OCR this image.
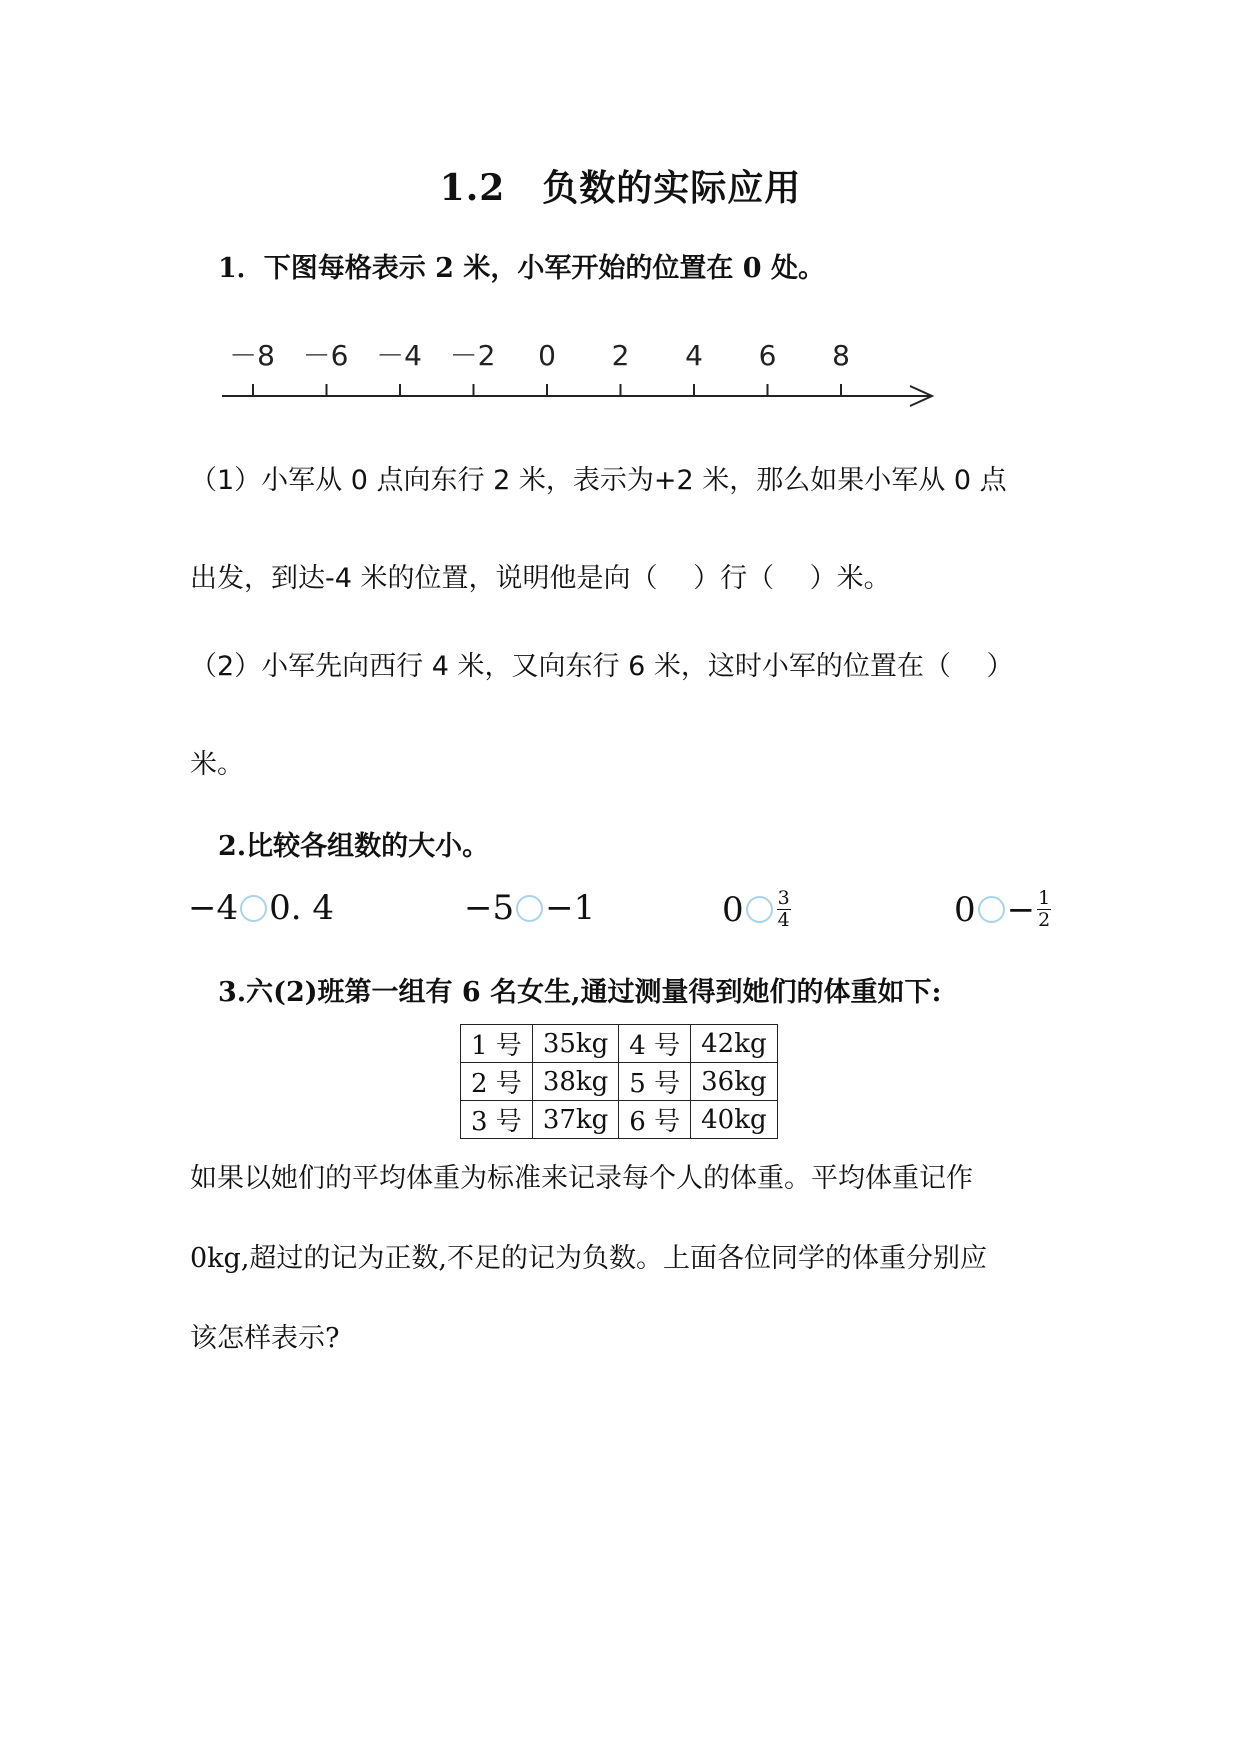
1.2　负数的实际应用
1．下图每格表示 2 米，小军开始的位置在 0 处。
－8 －6 －4 －2 0 2 4 6 8
（1）小军从 0 点向东行 2 米，表示为+2 米，那么如果小军从 0 点
出发，到达-4 米的位置，说明他是向（　 ）行（　 ）米。
（2）小军先向西行 4 米，又向东行 6 米，这时小军的位置在（　 ）
米。
2.比较各组数的大小。
−4 0. 4	−5 −1	$0 \frac{3}{4}$	$0 - \frac{1}{2}$
3.六(2)班第一组有 6 名女生,通过测量得到她们的体重如下:
1 号	35kg	4 号	42kg
2 号	38kg	5 号	36kg
3 号	37kg	6 号	40kg
如果以她们的平均体重为标准来记录每个人的体重。平均体重记作
0kg,超过的记为正数,不足的记为负数。上面各位同学的体重分别应
该怎样表示?
